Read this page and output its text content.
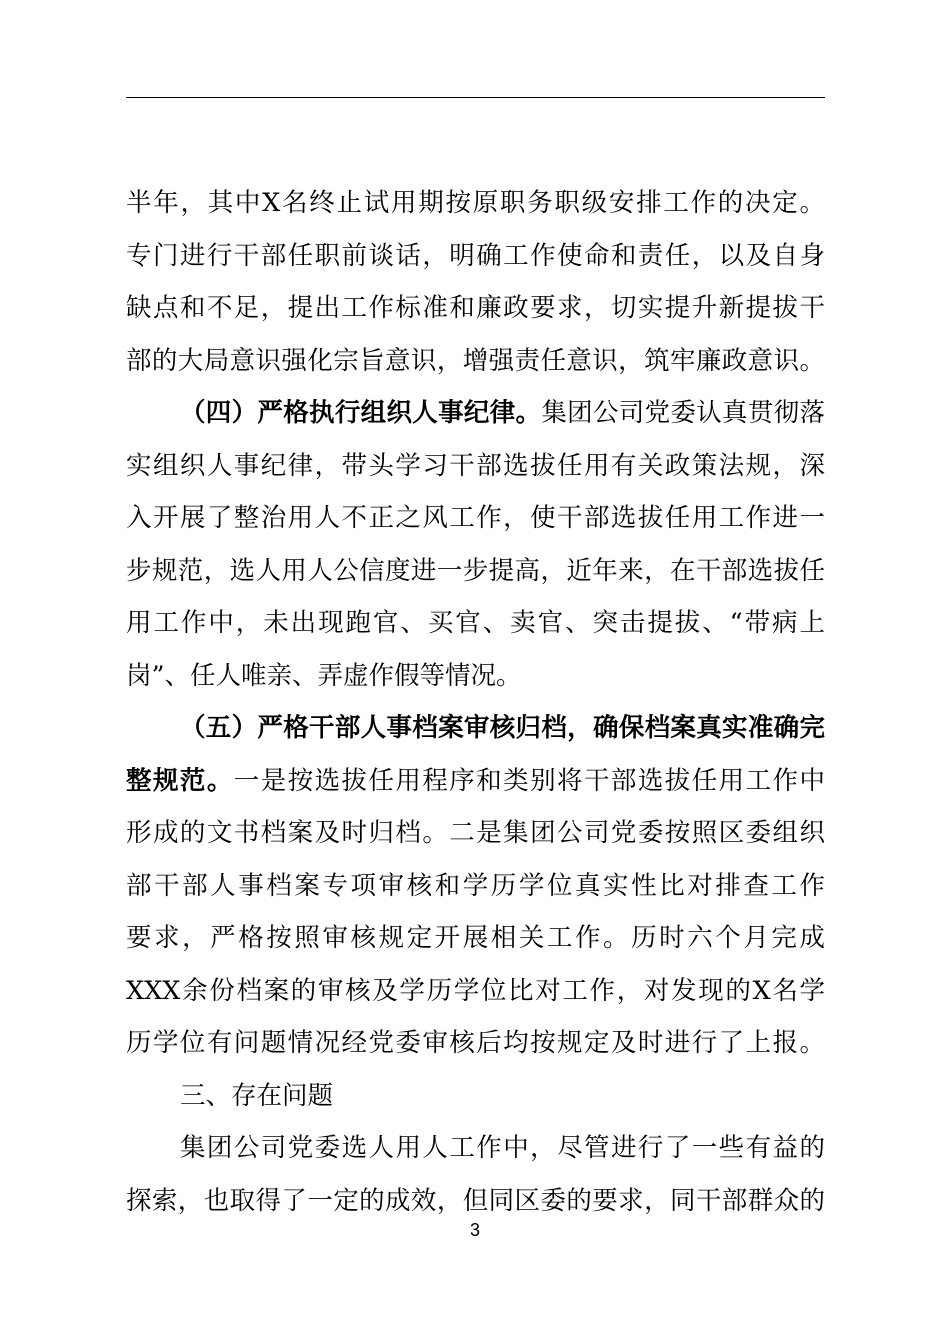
半年，其中X名终止试用期按原职务职级安排工作的决定。
专门进行干部任职前谈话，明确工作使命和责任，以及自身
缺点和不足，提出工作标准和廉政要求，切实提升新提拔干
部的大局意识强化宗旨意识，增强责任意识，筑牢廉政意识。
（四）严格执行组织人事纪律。集团公司党委认真贯彻落
实组织人事纪律，带头学习干部选拔任用有关政策法规，深
入开展了整治用人不正之风工作，使干部选拔任用工作进一
步规范，选人用人公信度进一步提高，近年来，在干部选拔任
用工作中，未出现跑官、买官、卖官、突击提拔、“带病上
岗”、任人唯亲、弄虚作假等情况。
（五）严格干部人事档案审核归档，确保档案真实准确完
整规范。一是按选拔任用程序和类别将干部选拔任用工作中
形成的文书档案及时归档。二是集团公司党委按照区委组织
部干部人事档案专项审核和学历学位真实性比对排查工作
要求，严格按照审核规定开展相关工作。历时六个月完成
XXX余份档案的审核及学历学位比对工作，对发现的X名学
历学位有问题情况经党委审核后均按规定及时进行了上报。
三、存在问题
集团公司党委选人用人工作中，尽管进行了一些有益的
探索，也取得了一定的成效，但同区委的要求，同干部群众的
3
